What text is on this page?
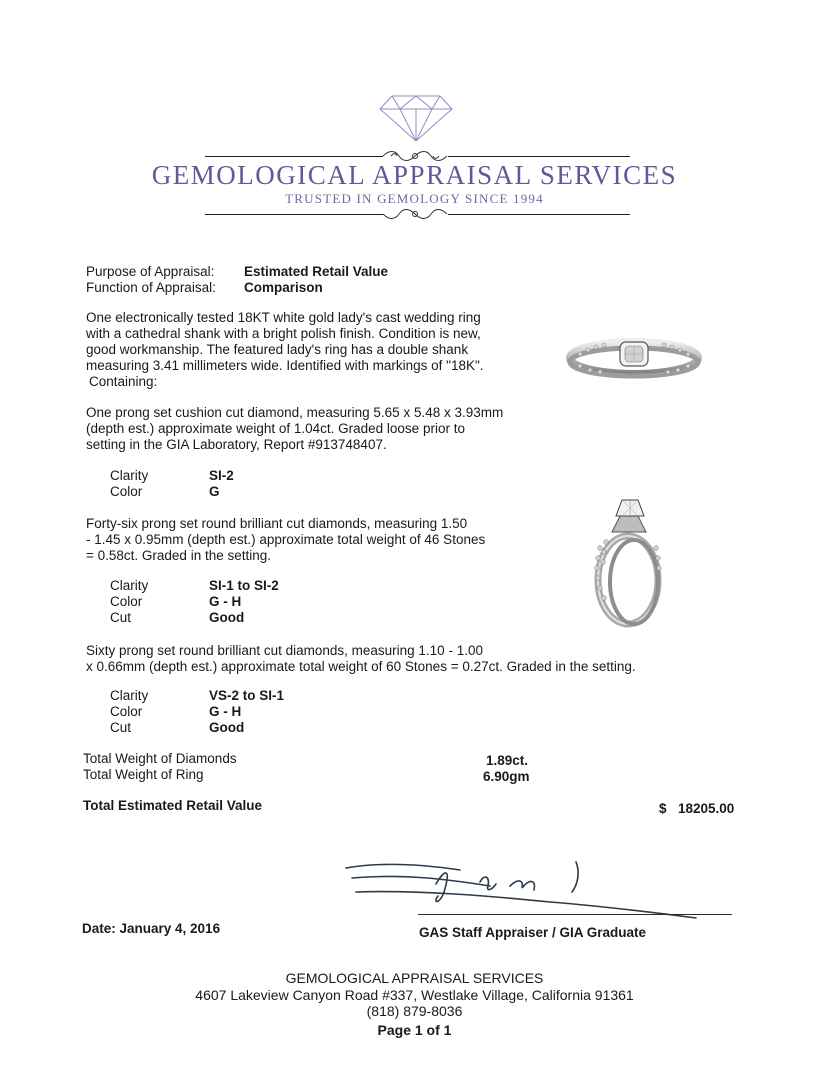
GEMOLOGICAL APPRAISAL SERVICES
TRUSTED IN GEMOLOGY SINCE 1994
Purpose of Appraisal: Estimated Retail Value
Function of Appraisal: Comparison
One electronically tested 18KT white gold lady's cast wedding ring
with a cathedral shank with a bright polish finish. Condition is new,
good workmanship. The featured lady's ring has a double shank
measuring 3.41 millimeters wide. Identified with markings of "18K".
Containing:
One prong set cushion cut diamond, measuring 5.65 x 5.48 x 3.93mm
(depth est.) approximate weight of 1.04ct. Graded loose prior to
setting in the GIA Laboratory, Report #913748407.
Clarity	SI-2
Color	G
Forty-six prong set round brilliant cut diamonds, measuring 1.50
- 1.45 x 0.95mm (depth est.) approximate total weight of 46 Stones
= 0.58ct. Graded in the setting.
Clarity	SI-1 to SI-2
Color	G - H
Cut	Good
Sixty prong set round brilliant cut diamonds, measuring 1.10 - 1.00
x 0.66mm (depth est.) approximate total weight of 60 Stones = 0.27ct. Graded in the setting.
Clarity	VS-2 to SI-1
Color	G - H
Cut	Good
Total Weight of Diamonds	1.89ct.
Total Weight of Ring	6.90gm
Total Estimated Retail Value	$ 18205.00
Date: January 4, 2016	GAS Staff Appraiser / GIA Graduate
GEMOLOGICAL APPRAISAL SERVICES
4607 Lakeview Canyon Road #337, Westlake Village, California 91361
(818) 879-8036
Page 1 of 1
